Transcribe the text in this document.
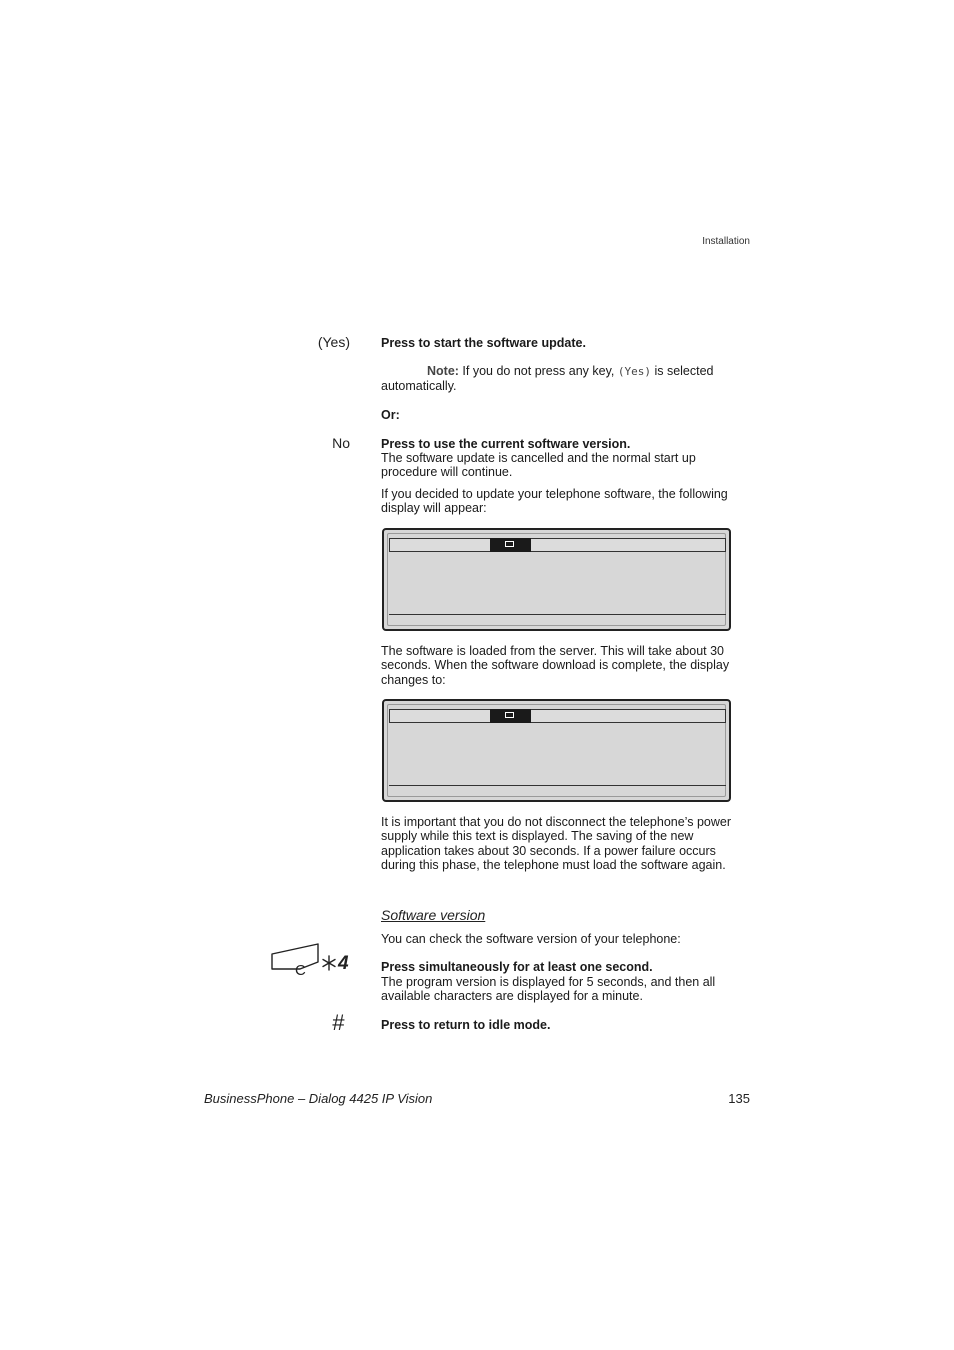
Installation
(Yes) Press to start the software update.
Note: If you do not press any key, (Yes) is selected automatically.
Or:
No Press to use the current software version.
The software update is cancelled and the normal start up procedure will continue.
If you decided to update your telephone software, the following display will appear:
The software is loaded from the server. This will take about 30 seconds. When the software download is complete, the display changes to:
It is important that you do not disconnect the telephone’s power supply while this text is displayed. The saving of the new application takes about 30 seconds. If a power failure occurs during this phase, the telephone must load the software again.
Software version
You can check the software version of your telephone:
C 4	Press simultaneously for at least one second.
The program version is displayed for 5 seconds, and then all available characters are displayed for a minute.
#	Press to return to idle mode.
BusinessPhone – Dialog 4425 IP Vision	135
